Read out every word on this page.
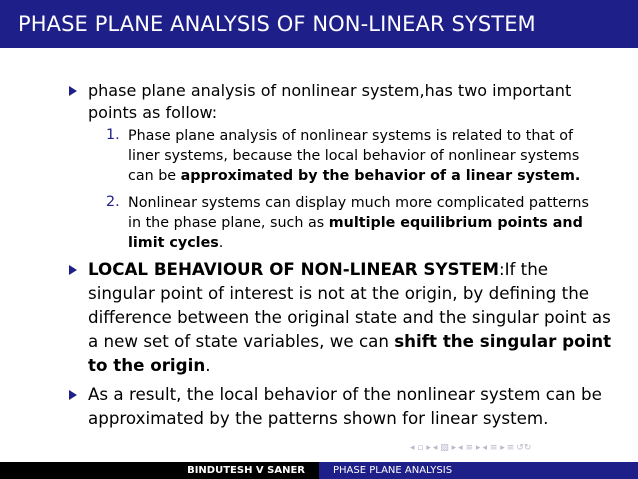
PHASE PLANE ANALYSIS OF NON-LINEAR SYSTEM
phase plane analysis of nonlinear system,has two important
points as follow:
1. Phase plane analysis of nonlinear systems is related to that of
liner systems, because the local behavior of nonlinear systems
can be approximated by the behavior of a linear system.
2. Nonlinear systems can display much more complicated patterns
in the phase plane, such as multiple equilibrium points and
limit cycles.
LOCAL BEHAVIOUR OF NON-LINEAR SYSTEM:If the
singular point of interest is not at the origin, by defining the
difference between the original state and the singular point as
a new set of state variables, we can shift the singular point
to the origin.
As a result, the local behavior of the nonlinear system can be
approximated by the patterns shown for linear system.
◂ ▫ ▸ ◂ ▨ ▸ ◂ ≡ ▸ ◂ ≡ ▸ ≡ ↺↻
BINDUTESH V SANER	PHASE PLANE ANALYSIS
